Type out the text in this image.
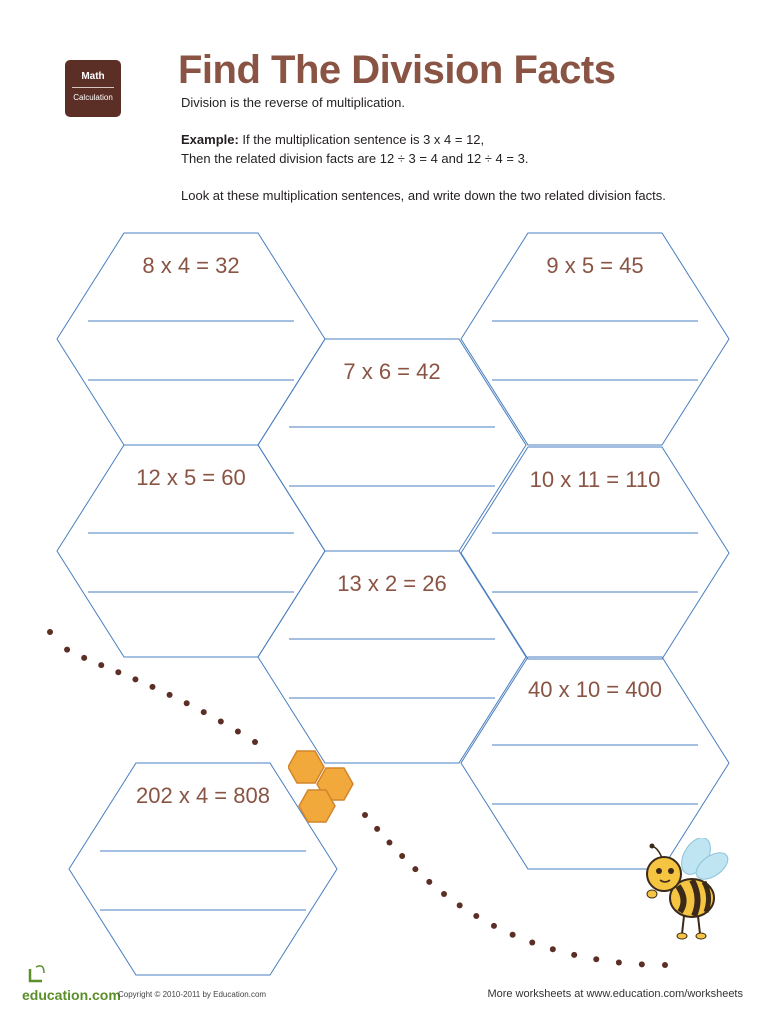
Math
Calculation
Find The Division Facts
Division is the reverse of multiplication.
Example: If the multiplication sentence is 3 x 4 = 12,
Then the related division facts are 12 ÷ 3 = 4 and 12 ÷ 4 = 3.
Look at these multiplication sentences, and write down the two related division facts.
8 x 4 = 32	9 x 5 = 45
7 x 6 = 42
12 x 5 = 60	10 x 11 = 110
13 x 2 = 26
40 x 10 = 400
202 x 4 = 808
education.com
Copyright © 2010-2011 by Education.com	More worksheets at www.education.com/worksheets
